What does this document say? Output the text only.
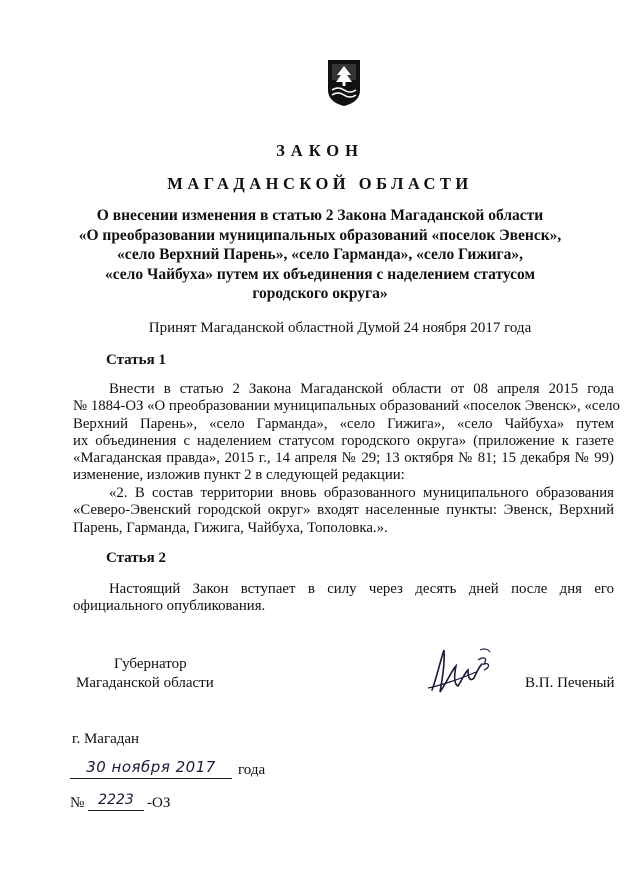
ЗАКОН
МАГАДАНСКОЙ ОБЛАСТИ
О внесении изменения в статью 2 Закона Магаданской области
«О преобразовании муниципальных образований «поселок Эвенск»,
«село Верхний Парень», «село Гарманда», «село Гижига»,
«село Чайбуха» путем их объединения с наделением статусом
городского округа»
Принят Магаданской областной Думой 24 ноября 2017 года
Статья 1
Внести в статью 2 Закона Магаданской области от 08 апреля 2015 года
№ 1884-ОЗ «О преобразовании муниципальных образований «поселок Эвенск», «село
Верхний Парень», «село Гарманда», «село Гижига», «село Чайбуха» путем
их объединения с наделением статусом городского округа» (приложение к газете
«Магаданская правда», 2015 г., 14 апреля № 29; 13 октября № 81; 15 декабря № 99)
изменение, изложив пункт 2 в следующей редакции:
«2. В состав территории вновь образованного муниципального образования
«Северо-Эвенский городской округ» входят населенные пункты: Эвенск, Верхний
Парень, Гарманда, Гижига, Чайбуха, Тополовка.».
Статья 2
Настоящий Закон вступает в силу через десять дней после дня его
официального опубликования.
Губернатор
Магаданской области	В.П. Печеный
г. Магадан
30 ноября 2017	года
№ 2223 -ОЗ
